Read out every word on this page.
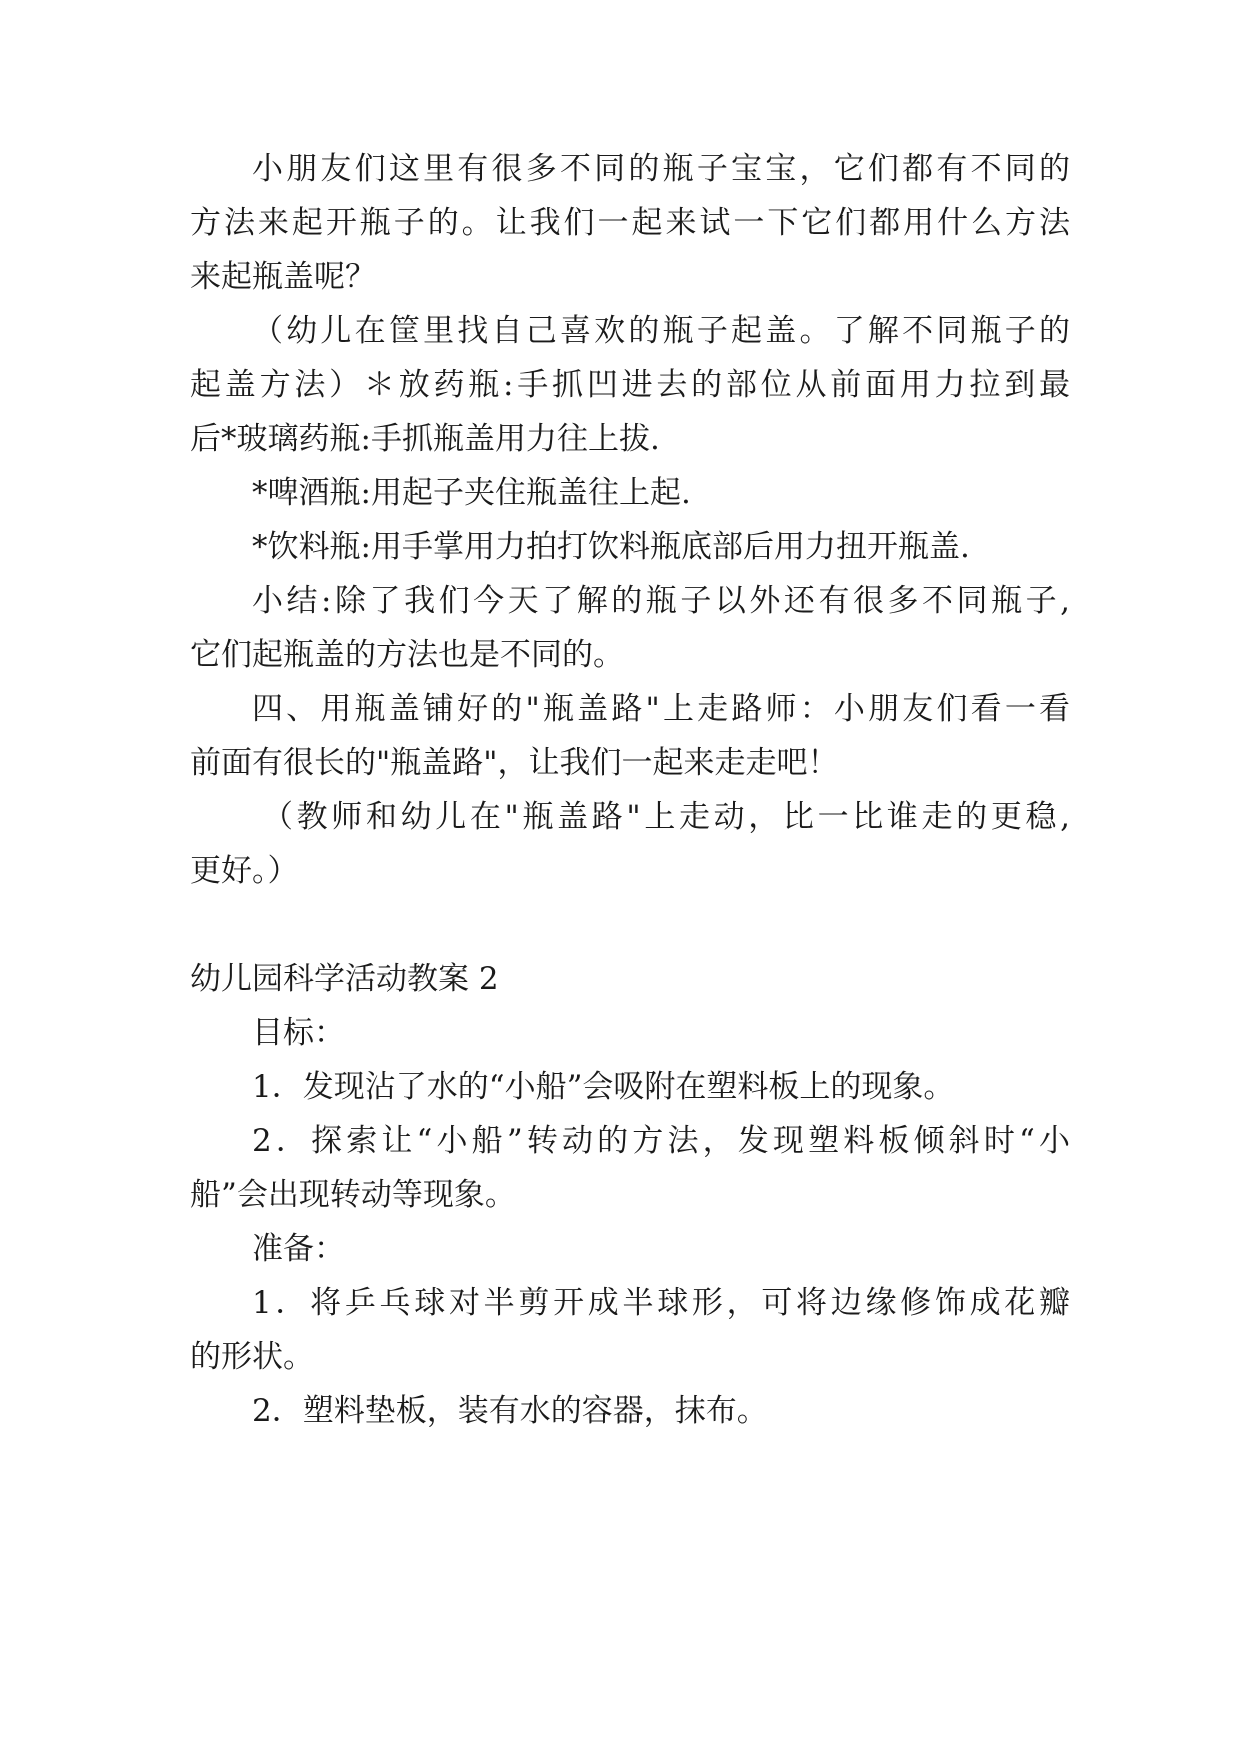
小朋友们这里有很多不同的瓶子宝宝，它们都有不同的
方法来起开瓶子的。让我们一起来试一下它们都用什么方法
来起瓶盖呢？
（幼儿在筐里找自己喜欢的瓶子起盖。了解不同瓶子的
起盖方法）＊放药瓶:手抓凹进去的部位从前面用力拉到最
后*玻璃药瓶:手抓瓶盖用力往上拔.
*啤酒瓶:用起子夹住瓶盖往上起.
*饮料瓶:用手掌用力拍打饮料瓶底部后用力扭开瓶盖.
小结:除了我们今天了解的瓶子以外还有很多不同瓶子,
它们起瓶盖的方法也是不同的。
四、用瓶盖铺好的"瓶盖路"上走路师：小朋友们看一看
前面有很长的"瓶盖路"，让我们一起来走走吧！
（教师和幼儿在"瓶盖路"上走动，比一比谁走的更稳,
更好。）
幼儿园科学活动教案 2
目标：
1．发现沾了水的“小船”会吸附在塑料板上的现象。
2．探索让“小船”转动的方法，发现塑料板倾斜时“小
船”会出现转动等现象。
准备：
1．将乒乓球对半剪开成半球形，可将边缘修饰成花瓣
的形状。
2．塑料垫板，装有水的容器，抹布。
